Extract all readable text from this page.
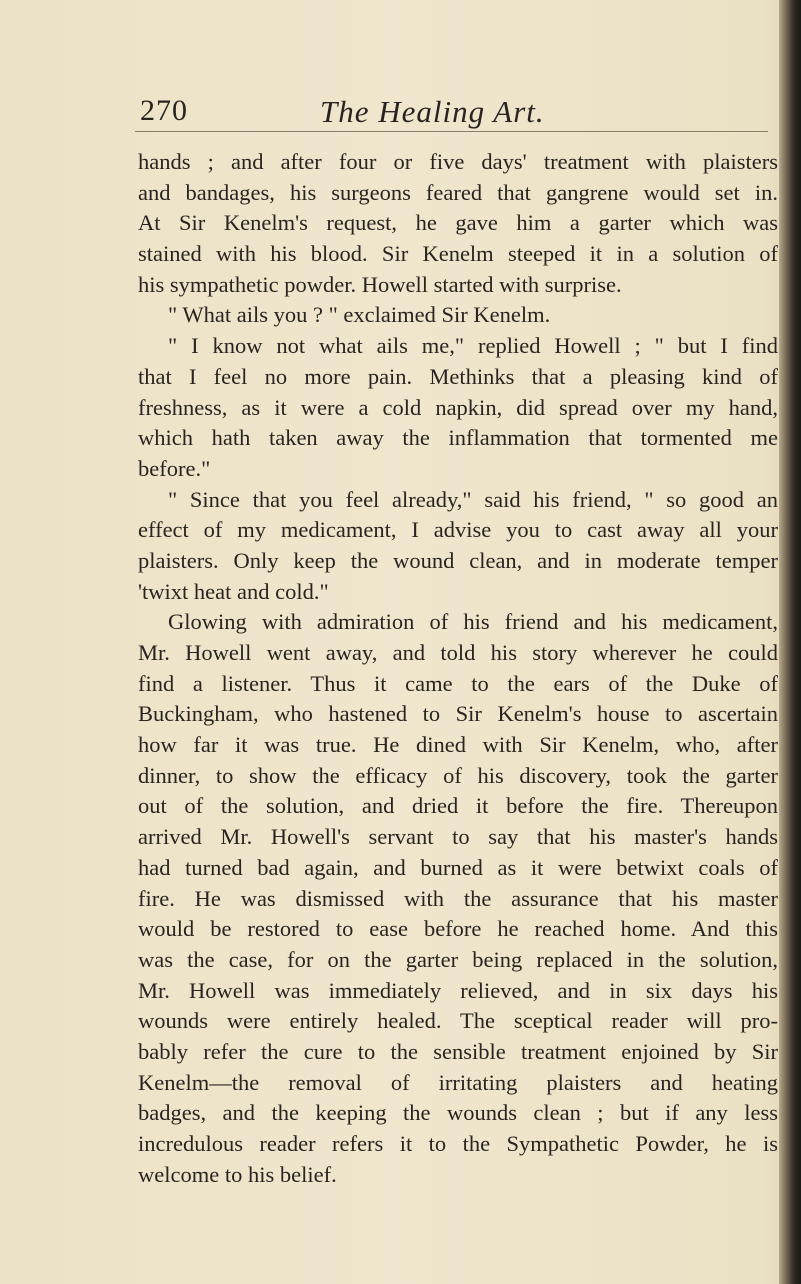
270	The Healing Art.
hands ; and after four or five days' treatment with plaisters
and bandages, his surgeons feared that gangrene would set in.
At Sir Kenelm's request, he gave him a garter which was
stained with his blood. Sir Kenelm steeped it in a solution of
his sympathetic powder. Howell started with surprise.
" What ails you ? " exclaimed Sir Kenelm.
" I know not what ails me," replied Howell ; " but I find
that I feel no more pain. Methinks that a pleasing kind of
freshness, as it were a cold napkin, did spread over my hand,
which hath taken away the inflammation that tormented me
before."
" Since that you feel already," said his friend, " so good an
effect of my medicament, I advise you to cast away all your
plaisters. Only keep the wound clean, and in moderate temper
'twixt heat and cold."
Glowing with admiration of his friend and his medicament,
Mr. Howell went away, and told his story wherever he could
find a listener. Thus it came to the ears of the Duke of
Buckingham, who hastened to Sir Kenelm's house to ascertain
how far it was true. He dined with Sir Kenelm, who, after
dinner, to show the efficacy of his discovery, took the garter
out of the solution, and dried it before the fire. Thereupon
arrived Mr. Howell's servant to say that his master's hands
had turned bad again, and burned as it were betwixt coals of
fire. He was dismissed with the assurance that his master
would be restored to ease before he reached home. And this
was the case, for on the garter being replaced in the solution,
Mr. Howell was immediately relieved, and in six days his
wounds were entirely healed. The sceptical reader will pro-
bably refer the cure to the sensible treatment enjoined by Sir
Kenelm—the removal of irritating plaisters and heating
badges, and the keeping the wounds clean ; but if any less
incredulous reader refers it to the Sympathetic Powder, he is
welcome to his belief.
